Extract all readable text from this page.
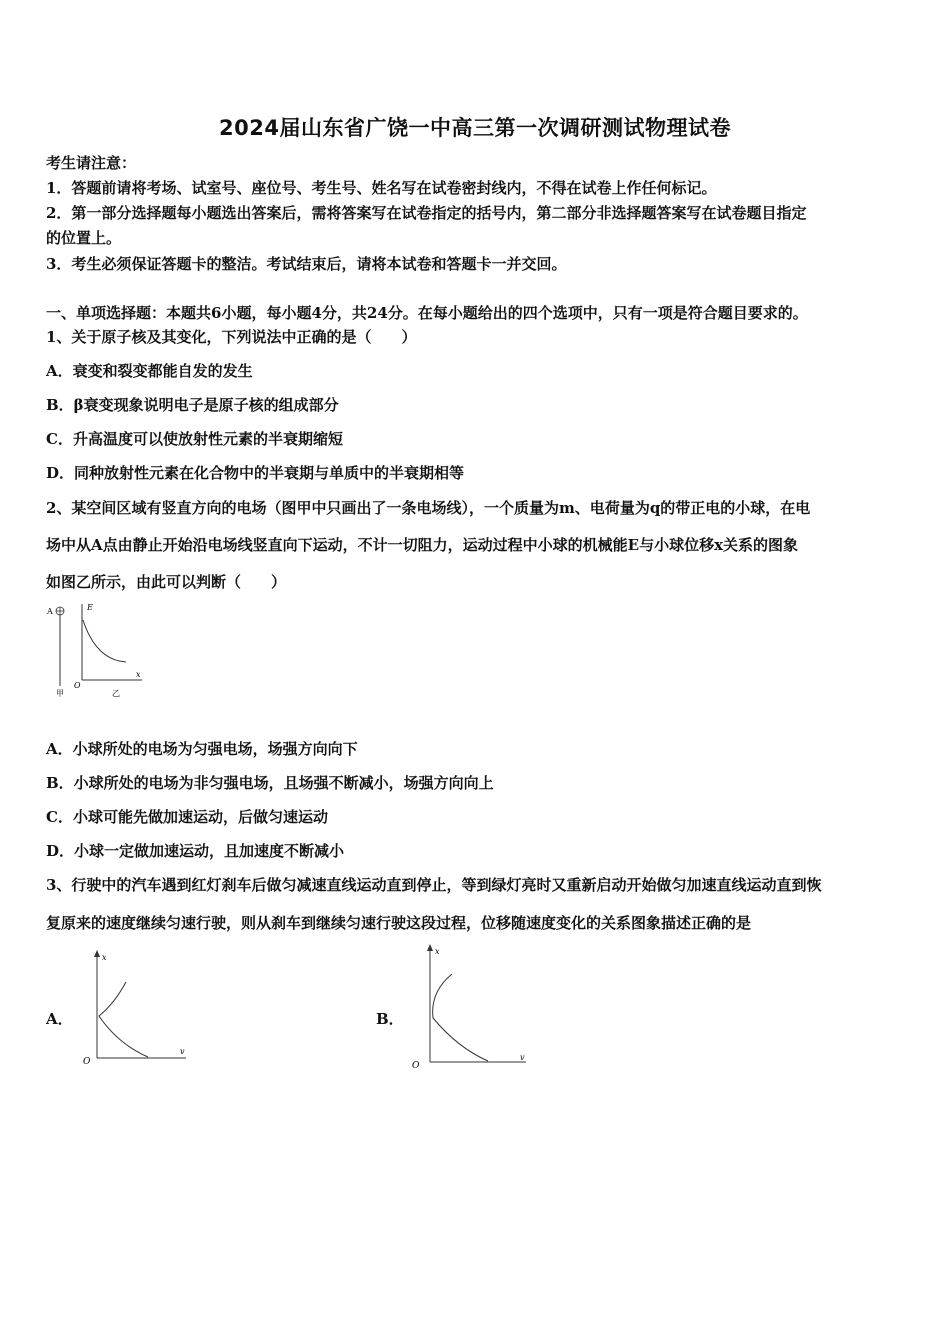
2024届山东省广饶一中高三第一次调研测试物理试卷
考生请注意：
1．答题前请将考场、试室号、座位号、考生号、姓名写在试卷密封线内，不得在试卷上作任何标记。
2．第一部分选择题每小题选出答案后，需将答案写在试卷指定的括号内，第二部分非选择题答案写在试卷题目指定
的位置上。
3．考生必须保证答题卡的整洁。考试结束后，请将本试卷和答题卡一并交回。
一、单项选择题：本题共6小题，每小题4分，共24分。在每小题给出的四个选项中，只有一项是符合题目要求的。
1、关于原子核及其变化，下列说法中正确的是（　　）
A．衰变和裂变都能自发的发生
B．β衰变现象说明电子是原子核的组成部分
C．升高温度可以使放射性元素的半衰期缩短
D．同种放射性元素在化合物中的半衰期与单质中的半衰期相等
2、某空间区域有竖直方向的电场（图甲中只画出了一条电场线），一个质量为m、电荷量为q的带正电的小球，在电
场中从A点由静止开始沿电场线竖直向下运动，不计一切阻力，运动过程中小球的机械能E与小球位移x关系的图象
如图乙所示，由此可以判断（　　）
A
甲
E
O
x
乙
A．小球所处的电场为匀强电场，场强方向向下
B．小球所处的电场为非匀强电场，且场强不断减小，场强方向向上
C．小球可能先做加速运动，后做匀速运动
D．小球一定做加速运动，且加速度不断减小
3、行驶中的汽车遇到红灯刹车后做匀减速直线运动直到停止，等到绿灯亮时又重新启动开始做匀加速直线运动直到恢
复原来的速度继续匀速行驶，则从刹车到继续匀速行驶这段过程，位移随速度变化的关系图象描述正确的是
A．
x
O
v
B．
x
O
v
